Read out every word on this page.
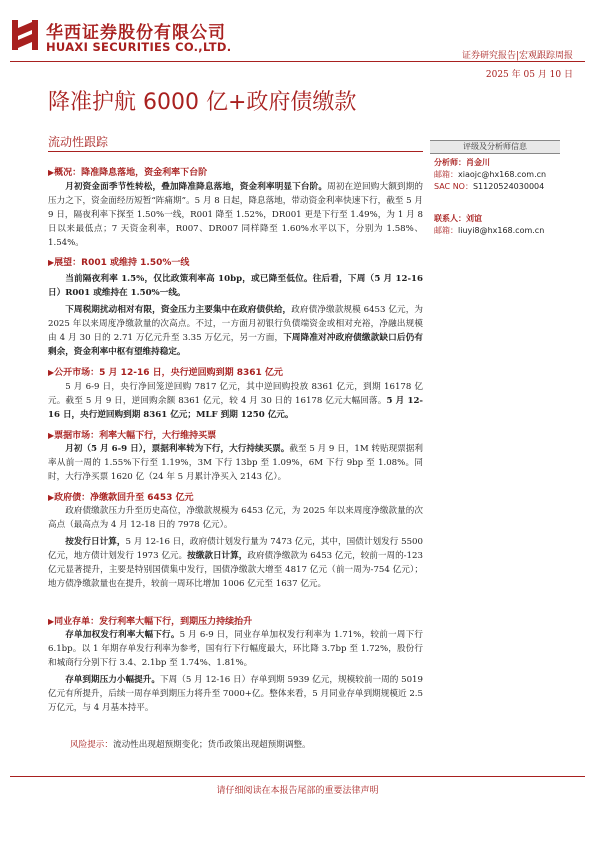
华西证券股份有限公司
HUAXI SECURITIES CO.,LTD.
证券研究报告|宏观跟踪周报
2025 年 05 月 10 日
降准护航 6000 亿+政府债缴款
流动性跟踪	评级及分析师信息
分析师：肖金川
邮箱：xiaojc@hx168.com.cn
SAC NO：S1120524030004
联系人：刘谊
邮箱：liuyi8@hx168.com.cn
▶概况：降准降息落地，资金利率下台阶

月初资金面季节性转松，叠加降准降息落地，资金利率明显下台阶。周初在逆回购大额到期的压力之下，资金面经历短暂“阵痛期”。5 月 8 日起，降息落地，带动资金利率快速下行，截至 5 月 9 日，隔夜利率下探至 1.50%一线，R001 降至 1.52%，DR001 更是下行至 1.49%，为 1 月 8 日以来最低点；7 天资金利率，R007、DR007 同样降至 1.60%水平以下，分别为 1.58%、1.54%。

▶展望：R001 或维持 1.50%一线

当前隔夜利率 1.5%，仅比政策利率高 10bp，或已降至低位。往后看，下周（5 月 12-16 日）R001 或维持在 1.50%一线。

下周税期扰动相对有限，资金压力主要集中在政府债供给，政府债净缴款规模 6453 亿元，为 2025 年以来周度净缴款量的次高点。不过，一方面月初银行负债端资金或相对充裕，净融出规模由 4 月 30 日的 2.71 万亿元升至 3.35 万亿元，另一方面，下周降准对冲政府债缴款缺口后仍有剩余，资金利率中枢有望维持稳定。

▶公开市场：5 月 12-16 日，央行逆回购到期 8361 亿元

5 月 6-9 日，央行净回笼逆回购 7817 亿元，其中逆回购投放 8361 亿元，到期 16178 亿元。截至 5 月 9 日，逆回购余额 8361 亿元，较 4 月 30 日的 16178 亿元大幅回落。5 月 12-16 日，央行逆回购到期 8361 亿元；MLF 到期 1250 亿元。

▶票据市场：利率大幅下行，大行维持买票

月初（5 月 6-9 日），票据利率转为下行，大行持续买票。截至 5 月 9 日，1M 转贴现票据利率从前一周的 1.55%下行至 1.19%，3M 下行 13bp 至 1.09%，6M 下行 9bp 至 1.08%。同时，大行净买票 1620 亿（24 年 5 月累计净买入 2143 亿）。

▶政府债：净缴款回升至 6453 亿元

政府债缴款压力升至历史高位，净缴款规模为 6453 亿元，为 2025 年以来周度净缴款量的次高点（最高点为 4 月 12-18 日的 7978 亿元）。

按发行日计算，5 月 12-16 日，政府债计划发行量为 7473 亿元，其中，国债计划发行 5500 亿元，地方债计划发行 1973 亿元。按缴款日计算，政府债净缴款为 6453 亿元，较前一周的-123 亿元显著提升，主要是特别国债集中发行，国债净缴款大增至 4817 亿元（前一周为-754 亿元）；地方债净缴款量也在提升，较前一周环比增加 1006 亿元至 1637 亿元。

▶同业存单：发行利率大幅下行，到期压力持续抬升

存单加权发行利率大幅下行。5 月 6-9 日，同业存单加权发行利率为 1.71%，较前一周下行 6.1bp。以 1 年期存单发行利率为参考，国有行下行幅度最大，环比降 3.7bp 至 1.72%，股份行和城商行分别下行 3.4、2.1bp 至 1.74%、1.81%。

存单到期压力小幅提升。下周（5 月 12-16 日）存单到期 5939 亿元，规模较前一周的 5019 亿元有所提升，后续一周存单到期压力将升至 7000+亿。整体来看，5 月同业存单到期规模近 2.5 万亿元，与 4 月基本持平。

风险提示：流动性出现超预期变化；货币政策出现超预期调整。
请仔细阅读在本报告尾部的重要法律声明
